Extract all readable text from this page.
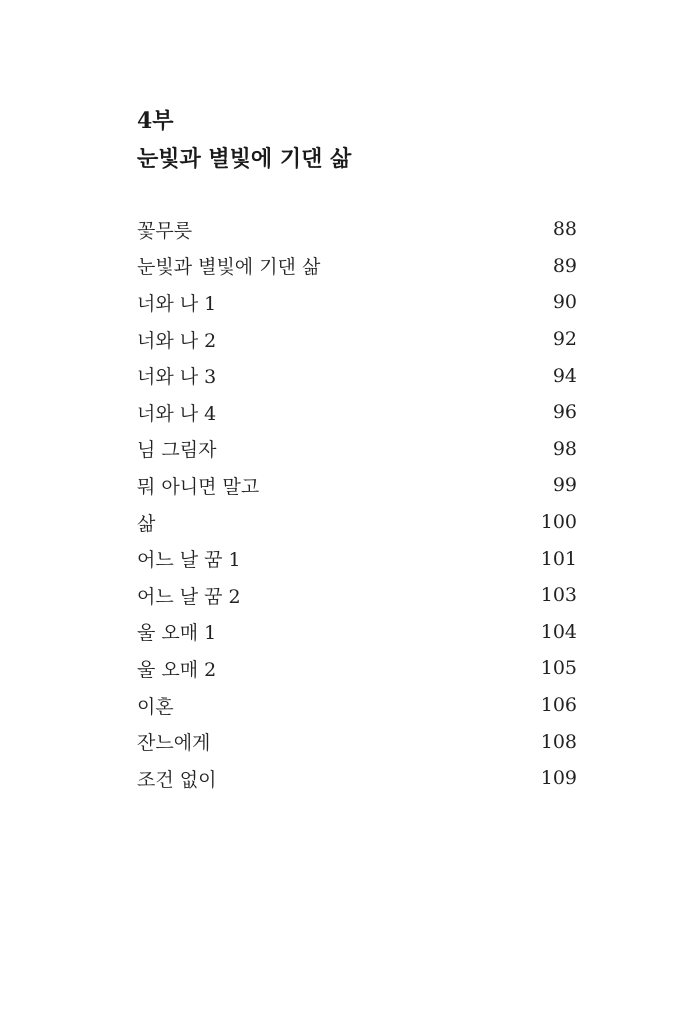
4부
눈빛과 별빛에 기댄 삶
꽃무릇	88
눈빛과 별빛에 기댄 삶	89
너와 나 1	90
너와 나 2	92
너와 나 3	94
너와 나 4	96
님 그림자	98
뭐 아니면 말고	99
삶	100
어느 날 꿈 1	101
어느 날 꿈 2	103
울 오매 1	104
울 오매 2	105
이혼	106
잔느에게	108
조건 없이	109
